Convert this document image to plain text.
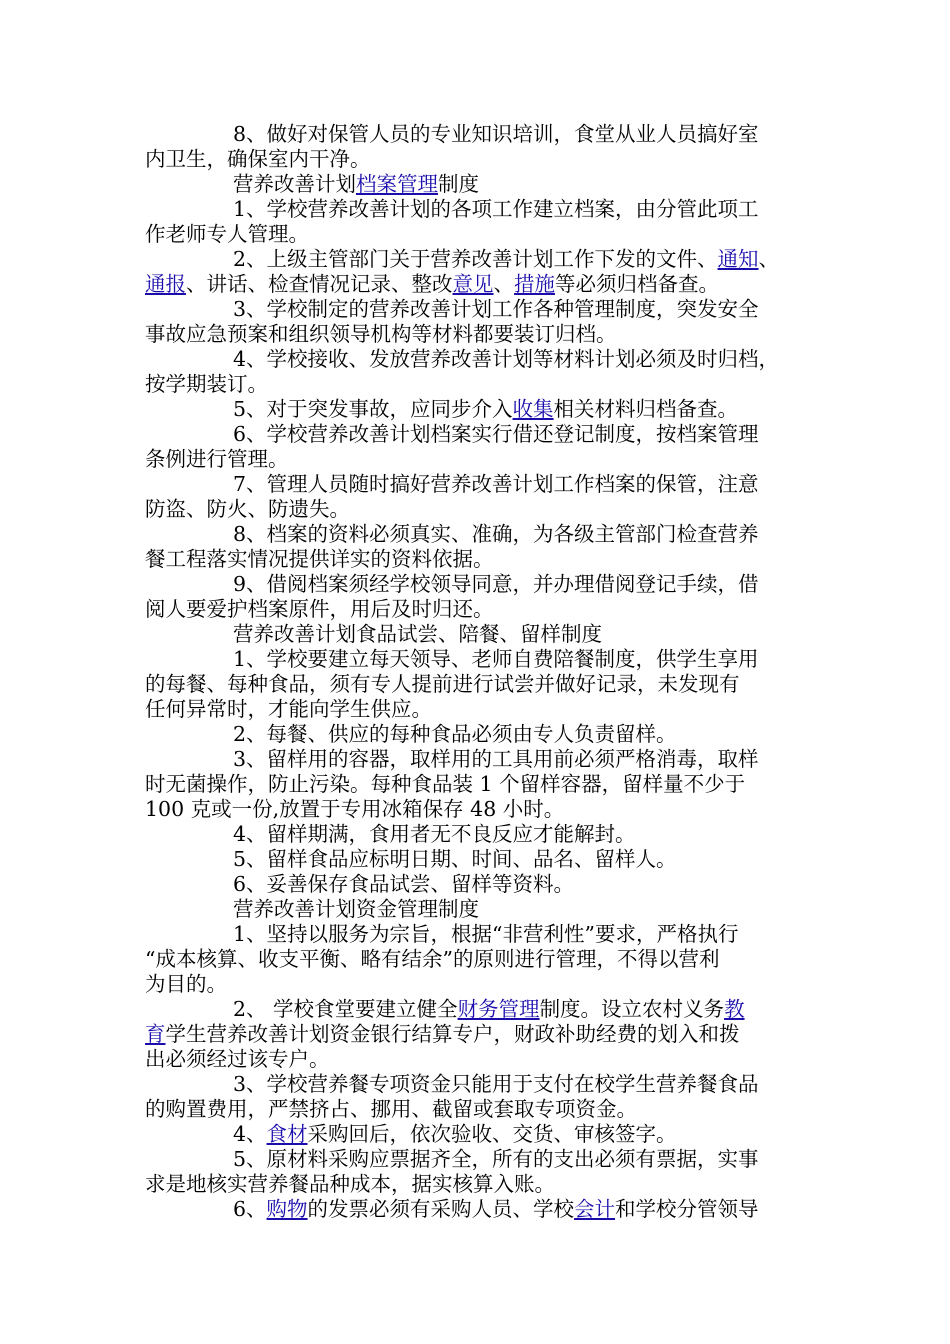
8、做好对保管人员的专业知识培训，食堂从业人员搞好室
内卫生，确保室内干净。
营养改善计划档案管理制度
1、学校营养改善计划的各项工作建立档案，由分管此项工
作老师专人管理。
2、上级主管部门关于营养改善计划工作下发的文件、通知、
通报、讲话、检查情况记录、整改意见、措施等必须归档备查。
3、学校制定的营养改善计划工作各种管理制度，突发安全
事故应急预案和组织领导机构等材料都要装订归档。
4、学校接收、发放营养改善计划等材料计划必须及时归档，
按学期装订。
5、对于突发事故，应同步介入收集相关材料归档备查。
6、学校营养改善计划档案实行借还登记制度，按档案管理
条例进行管理。
7、管理人员随时搞好营养改善计划工作档案的保管，注意
防盗、防火、防遗失。
8、档案的资料必须真实、准确，为各级主管部门检查营养
餐工程落实情况提供详实的资料依据。
9、借阅档案须经学校领导同意，并办理借阅登记手续，借
阅人要爱护档案原件，用后及时归还。
营养改善计划食品试尝、陪餐、留样制度
1、学校要建立每天领导、老师自费陪餐制度，供学生享用
的每餐、每种食品，须有专人提前进行试尝并做好记录，未发现有
任何异常时，才能向学生供应。
2、每餐、供应的每种食品必须由专人负责留样。
3、留样用的容器，取样用的工具用前必须严格消毒，取样
时无菌操作，防止污染。每种食品装 1 个留样容器，留样量不少于
100 克或一份,放置于专用冰箱保存 48 小时。
4、留样期满，食用者无不良反应才能解封。
5、留样食品应标明日期、时间、品名、留样人。
6、妥善保存食品试尝、留样等资料。
营养改善计划资金管理制度
1、坚持以服务为宗旨，根据“非营利性”要求，严格执行
“成本核算、收支平衡、略有结余”的原则进行管理，不得以营利
为目的。
2、 学校食堂要建立健全财务管理制度。设立农村义务教
育学生营养改善计划资金银行结算专户，财政补助经费的划入和拨
出必须经过该专户。
3、学校营养餐专项资金只能用于支付在校学生营养餐食品
的购置费用，严禁挤占、挪用、截留或套取专项资金。
4、食材采购回后，依次验收、交货、审核签字。
5、原材料采购应票据齐全，所有的支出必须有票据，实事
求是地核实营养餐品种成本，据实核算入账。
6、购物的发票必须有采购人员、学校会计和学校分管领导
